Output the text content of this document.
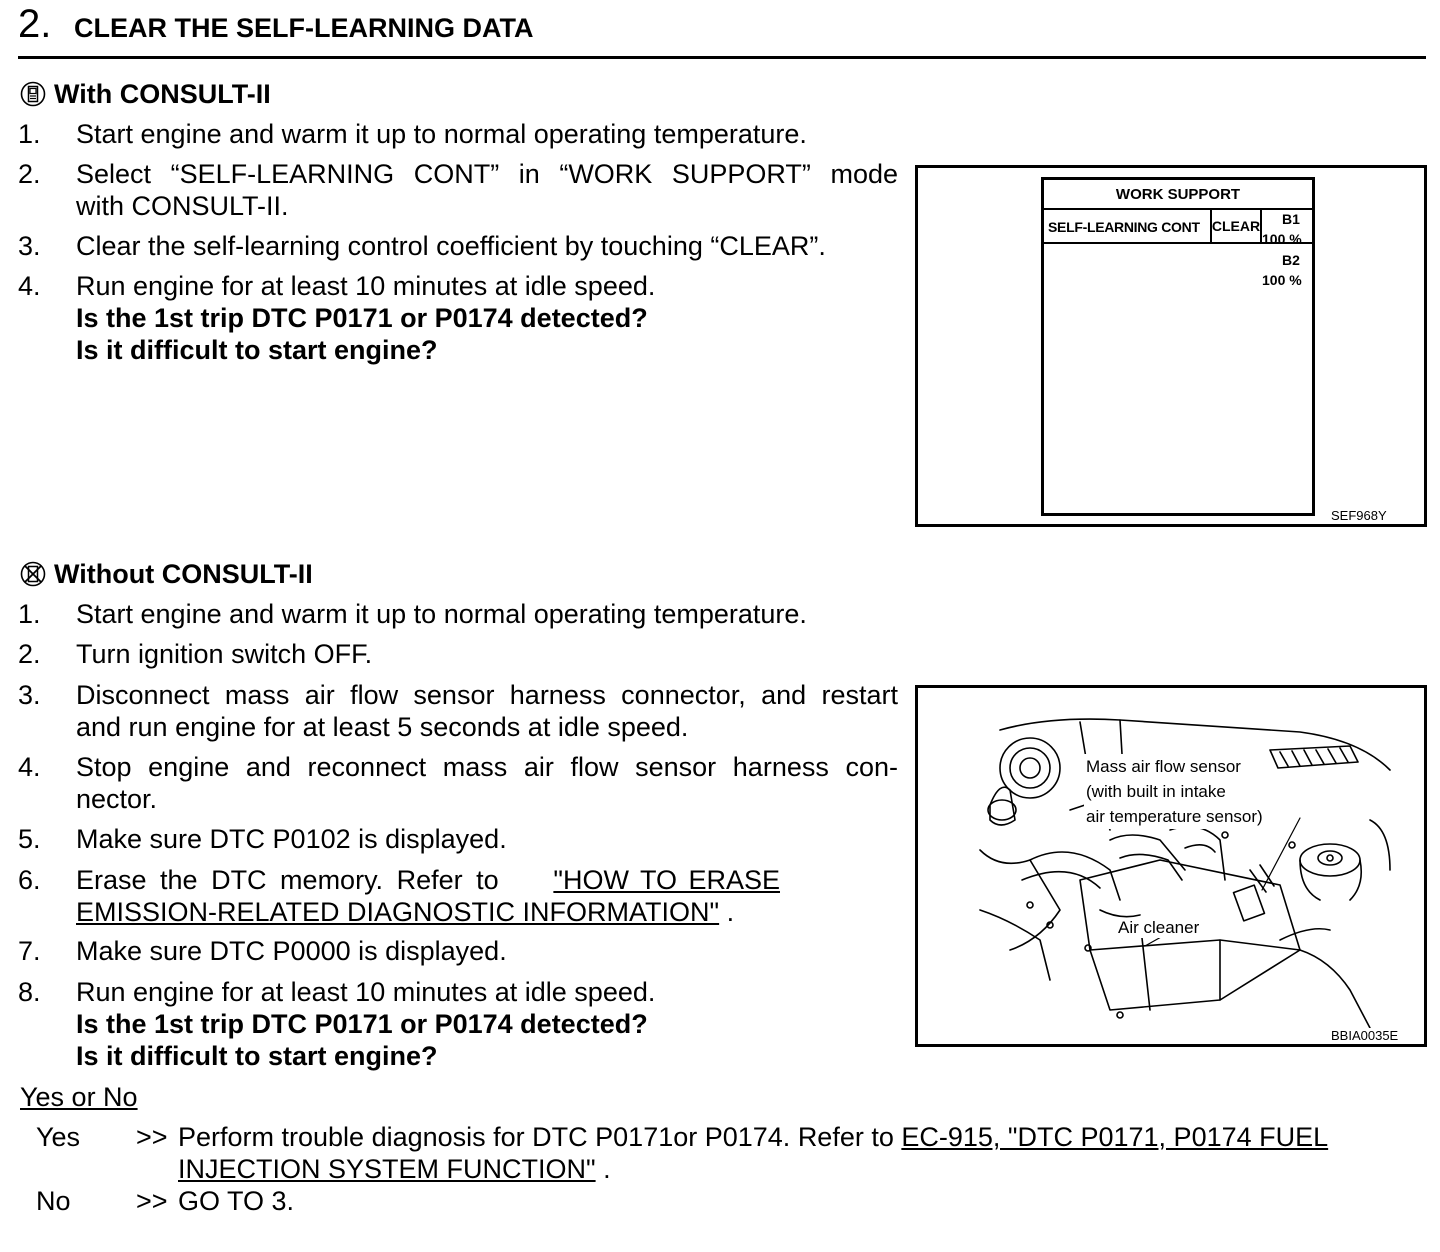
2. CLEAR THE SELF-LEARNING DATA
With CONSULT-II
1. Start engine and warm it up to normal operating temperature.
2. Select “SELF-LEARNING CONT” in “WORK SUPPORT” mode
with CONSULT-II.
3. Clear the self-learning control coefficient by touching “CLEAR”.
4. Run engine for at least 10 minutes at idle speed.
Is the 1st trip DTC P0171 or P0174 detected?
Is it difficult to start engine?
WORK SUPPORT
SELF-LEARNING CONT CLEAR	B1
100 %
B2
100 %
SEF968Y
Without CONSULT-II
1. Start engine and warm it up to normal operating temperature.
2. Turn ignition switch OFF.
3. Disconnect mass air flow sensor harness connector, and restart
and run engine for at least 5 seconds at idle speed.
4. Stop engine and reconnect mass air flow sensor harness con-
nector.
5. Make sure DTC P0102 is displayed.
6. Erase the DTC memory. Refer to "HOW TO ERASE
EMISSION-RELATED DIAGNOSTIC INFORMATION" .
7. Make sure DTC P0000 is displayed.
8. Run engine for at least 10 minutes at idle speed.
Is the 1st trip DTC P0171 or P0174 detected?
Is it difficult to start engine?
Mass air flow sensor
(with built in intake
air temperature sensor)
Air cleaner
BBIA0035E
Yes or No
Yes >> Perform trouble diagnosis for DTC P0171or P0174. Refer to EC-915, "DTC P0171, P0174 FUEL
INJECTION SYSTEM FUNCTION" .
No >> GO TO 3.
